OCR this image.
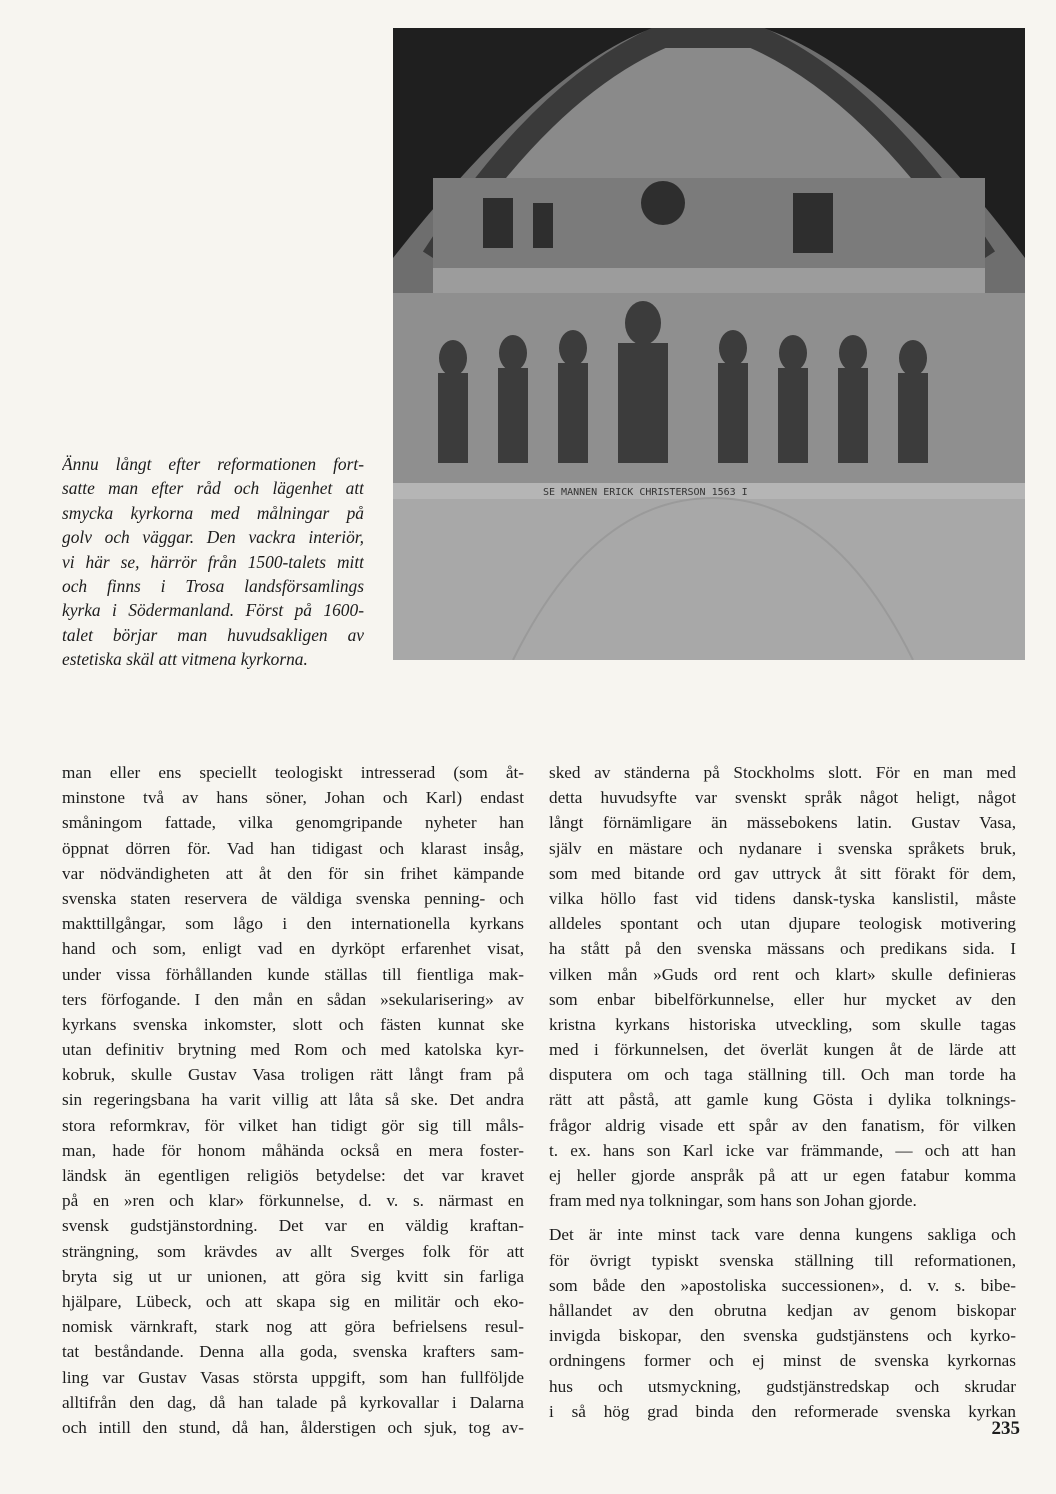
SE MANNEN ERICK CHRISTERSON 1563 I
Ännu långt efter reformationen fort-
satte man efter råd och lägenhet att
smycka kyrkorna med målningar på
golv och väggar. Den vackra interiör,
vi här se, härrör från 1500-talets mitt
och finns i Trosa landsförsamlings
kyrka i Södermanland. Först på 1600-
talet börjar man huvudsakligen av
estetiska skäl att vitmena kyrkorna.
man eller ens speciellt teologiskt intresserad (som åt-
minstone två av hans söner, Johan och Karl) endast
småningom fattade, vilka genomgripande nyheter han
öppnat dörren för. Vad han tidigast och klarast insåg,
var nödvändigheten att åt den för sin frihet kämpande
svenska staten reservera de väldiga svenska penning- och
makttillgångar, som lågo i den internationella kyrkans
hand och som, enligt vad en dyrköpt erfarenhet visat,
under vissa förhållanden kunde ställas till fientliga mak-
ters förfogande. I den mån en sådan »sekularisering» av
kyrkans svenska inkomster, slott och fästen kunnat ske
utan definitiv brytning med Rom och med katolska kyr-
kobruk, skulle Gustav Vasa troligen rätt långt fram på
sin regeringsbana ha varit villig att låta så ske. Det andra
stora reformkrav, för vilket han tidigt gör sig till måls-
man, hade för honom måhända också en mera foster-
ländsk än egentligen religiös betydelse: det var kravet
på en »ren och klar» förkunnelse, d. v. s. närmast en
svensk gudstjänstordning. Det var en väldig kraftan-
strängning, som krävdes av allt Sverges folk för att
bryta sig ut ur unionen, att göra sig kvitt sin farliga
hjälpare, Lübeck, och att skapa sig en militär och eko-
nomisk värnkraft, stark nog att göra befrielsens resul-
tat beståndande. Denna alla goda, svenska krafters sam-
ling var Gustav Vasas största uppgift, som han fullföljde
alltifrån den dag, då han talade på kyrkovallar i Dalarna
och intill den stund, då han, ålderstigen och sjuk, tog av-
sked av ständerna på Stockholms slott. För en man med
detta huvudsyfte var svenskt språk något heligt, något
långt förnämligare än mässebokens latin. Gustav Vasa,
själv en mästare och nydanare i svenska språkets bruk,
som med bitande ord gav uttryck åt sitt förakt för dem,
vilka höllo fast vid tidens dansk-tyska kanslistil, måste
alldeles spontant och utan djupare teologisk motivering
ha stått på den svenska mässans och predikans sida. I
vilken mån »Guds ord rent och klart» skulle definieras
som enbar bibelförkunnelse, eller hur mycket av den
kristna kyrkans historiska utveckling, som skulle tagas
med i förkunnelsen, det överlät kungen åt de lärde att
disputera om och taga ställning till. Och man torde ha
rätt att påstå, att gamle kung Gösta i dylika tolknings-
frågor aldrig visade ett spår av den fanatism, för vilken
t. ex. hans son Karl icke var främmande, — och att han
ej heller gjorde anspråk på att ur egen fatabur komma
fram med nya tolkningar, som hans son Johan gjorde.
Det är inte minst tack vare denna kungens sakliga och
för övrigt typiskt svenska ställning till reformationen,
som både den »apostoliska successionen», d. v. s. bibe-
hållandet av den obrutna kedjan av genom biskopar
invigda biskopar, den svenska gudstjänstens och kyrko-
ordningens former och ej minst de svenska kyrkornas
hus och utsmyckning, gudstjänstredskap och skrudar
i så hög grad binda den reformerade svenska kyrkan
235
